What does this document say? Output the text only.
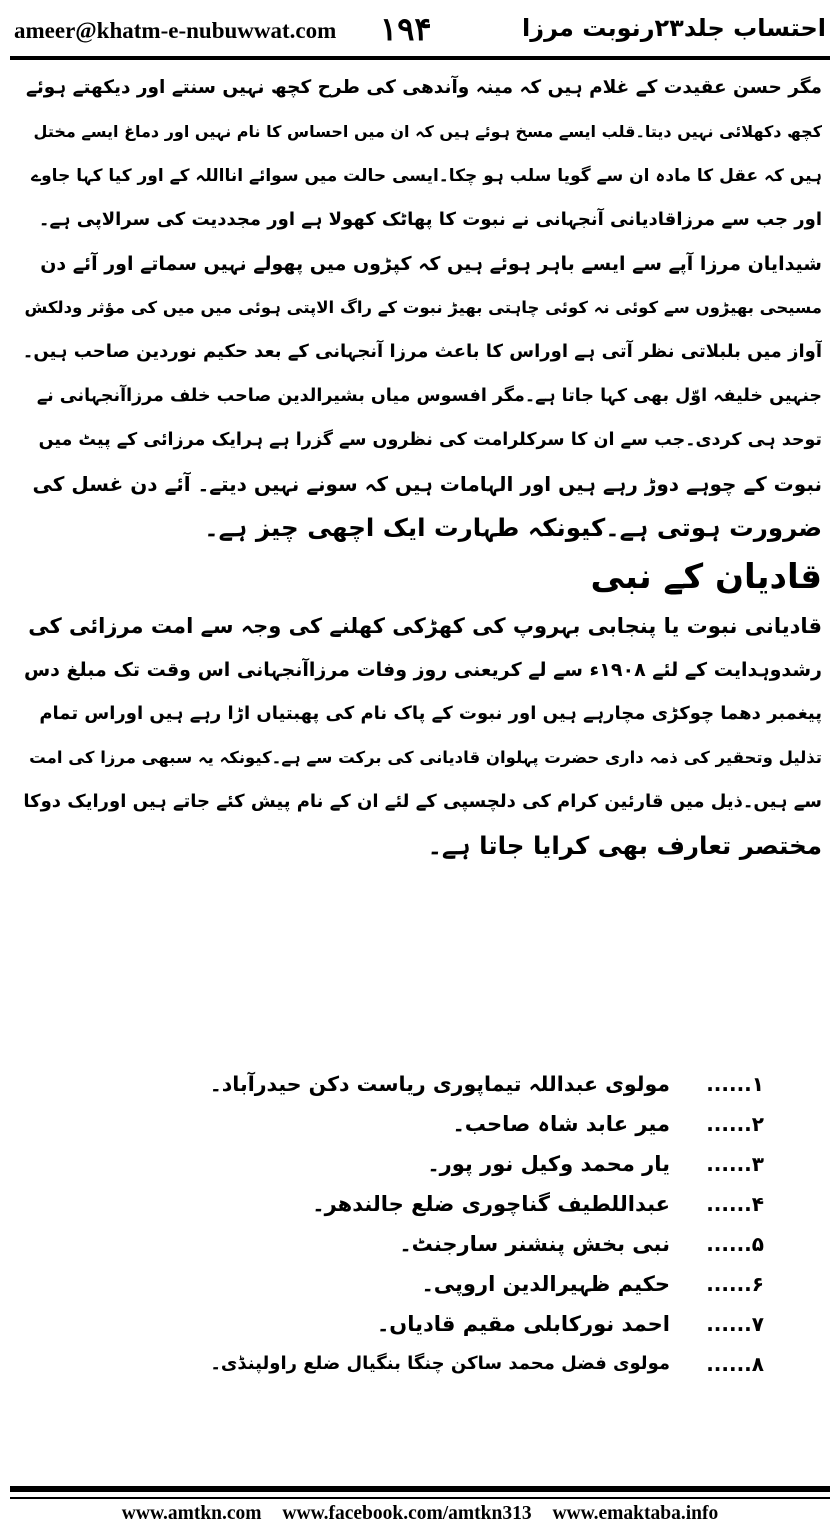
ameer@khatm-e-nubuwwat.com ۱۹۴	احتساب جلد۲۳رنوبت مرزا
مگر حسن عقیدت کے غلام ہیں کہ مینہ وآندھی کی طرح کچھ نہیں سنتے اور دیکھتے ہوئے
کچھ دکھلائی نہیں دیتا۔قلب ایسے مسخ ہوئے ہیں کہ ان میں احساس کا نام نہیں اور دماغ ایسے مختل
ہیں کہ عقل کا مادہ ان سے گویا سلب ہو چکا۔ایسی حالت میں سوائے انااللہ کے اور کیا کہا جاوے
اور جب سے مرزاقادیانی آنجہانی نے نبوت کا پھاٹک کھولا ہے اور مجددیت کی سرالاپی ہے۔
شیدایان مرزا آپے سے ایسے باہر ہوئے ہیں کہ کپڑوں میں پھولے نہیں سماتے اور آئے دن
مسیحی بھیڑوں سے کوئی نہ کوئی چاہتی بھیڑ نبوت کے راگ الاپتی ہوئی میں میں کی مؤثر ودلکش
آواز میں بلبلاتی نظر آتی ہے اوراس کا باعث مرزا آنجہانی کے بعد حکیم نوردین صاحب ہیں۔
جنہیں خلیفہ اوّل بھی کہا جاتا ہے۔مگر افسوس میاں بشیرالدین صاحب خلف مرزاآنجہانی نے
توحد ہی کردی۔جب سے ان کا سرکلرامت کی نظروں سے گزرا ہے ہرایک مرزائی کے پیٹ میں
نبوت کے چوہے دوڑ رہے ہیں اور الہامات ہیں کہ سونے نہیں دیتے۔ آئے دن غسل کی
ضرورت ہوتی ہے۔کیونکہ طہارت ایک اچھی چیز ہے۔
قادیان کے نبی
قادیانی نبوت یا پنجابی بہروپ کی کھڑکی کھلنے کی وجہ سے امت مرزائی کی
رشدوہدایت کے لئے ۱۹۰۸ء سے لے کریعنی روز وفات مرزاآنجہانی اس وقت تک مبلغ دس
پیغمبر دھما چوکڑی مچارہے ہیں اور نبوت کے پاک نام کی پھبتیاں اڑا رہے ہیں اوراس تمام
تذلیل وتحقیر کی ذمہ داری حضرت پہلوان قادیانی کی برکت سے ہے۔کیونکہ یہ سبھی مرزا کی امت
سے ہیں۔ذیل میں قارئین کرام کی دلچسپی کے لئے ان کے نام پیش کئے جاتے ہیں اورایک دوکا
مختصر تعارف بھی کرایا جاتا ہے۔
۱......
مولوی عبداللہ تیماپوری ریاست دکن حیدرآباد۔
۲......
میر عابد شاہ صاحب۔
۳......
یار محمد وکیل نور پور۔
۴......
عبداللطیف گناچوری ضلع جالندھر۔
۵......
نبی بخش پنشنر سارجنٹ۔
۶......
حکیم ظہیرالدین اروپی۔
۷......
احمد نورکابلی مقیم قادیاں۔
۸......
مولوی فضل محمد ساکن چنگا بنگیال ضلع راولپنڈی۔
www.amtkn.com www.facebook.com/amtkn313 www.emaktaba.info
